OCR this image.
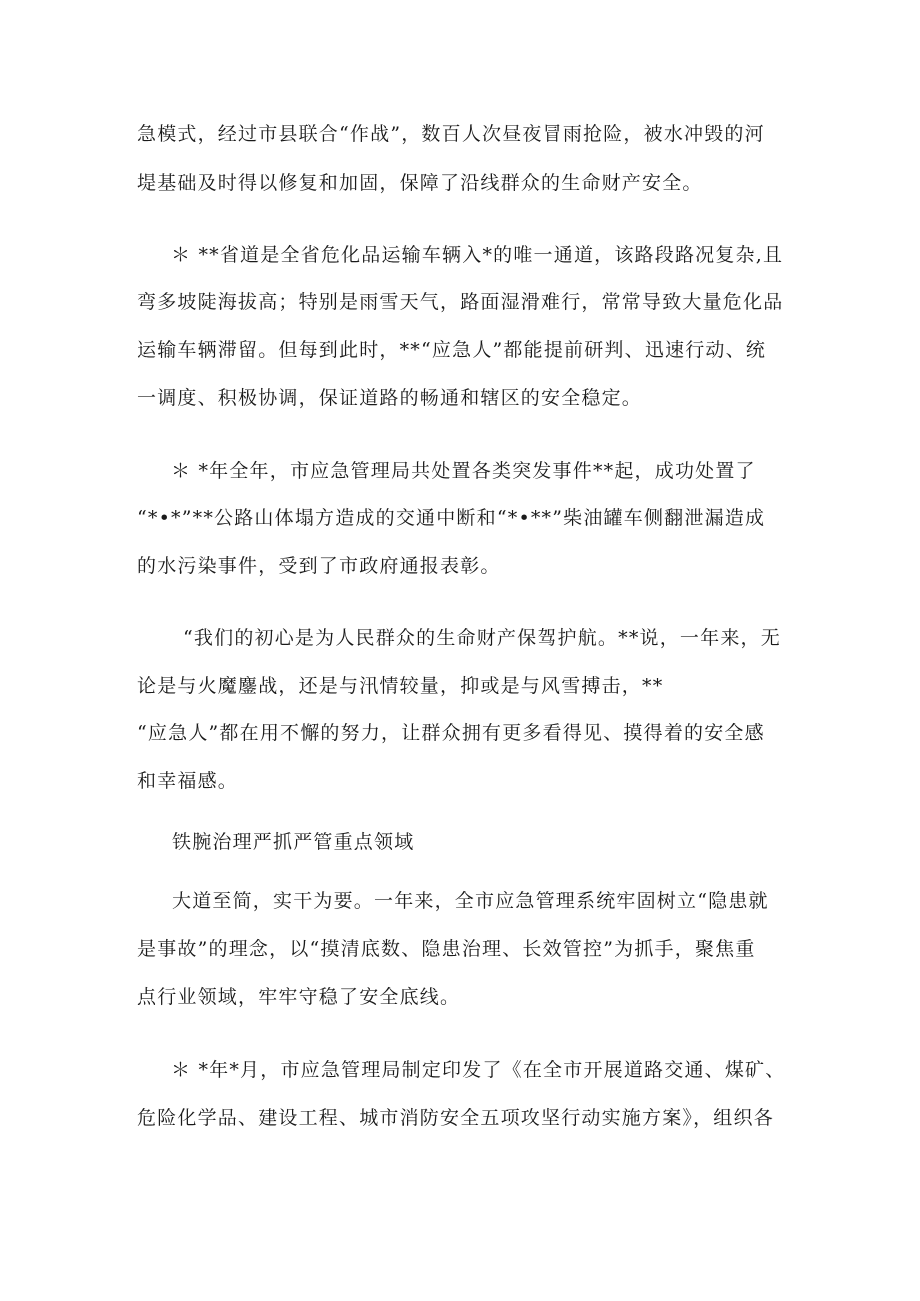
急模式，经过市县联合“作战”，数百人次昼夜冒雨抢险，被水冲毁的河
堤基础及时得以修复和加固，保障了沿线群众的生命财产安全。
＊ **省道是全省危化品运输车辆入*的唯一通道，该路段路况复杂,且
弯多坡陡海拔高；特别是雨雪天气，路面湿滑难行，常常导致大量危化品
运输车辆滞留。但每到此时，**“应急人”都能提前研判、迅速行动、统
一调度、积极协调，保证道路的畅通和辖区的安全稳定。
＊ *年全年，市应急管理局共处置各类突发事件**起，成功处置了
“*•*”**公路山体塌方造成的交通中断和“*•**”柴油罐车侧翻泄漏造成
的水污染事件，受到了市政府通报表彰。
“我们的初心是为人民群众的生命财产保驾护航。**说，一年来，无
论是与火魔鏖战，还是与汛情较量，抑或是与风雪搏击，**
“应急人”都在用不懈的努力，让群众拥有更多看得见、摸得着的安全感
和幸福感。
铁腕治理严抓严管重点领域
大道至简，实干为要。一年来，全市应急管理系统牢固树立“隐患就
是事故”的理念，以“摸清底数、隐患治理、长效管控”为抓手，聚焦重
点行业领域，牢牢守稳了安全底线。
＊ *年*月，市应急管理局制定印发了《在全市开展道路交通、煤矿、
危险化学品、建设工程、城市消防安全五项攻坚行动实施方案》，组织各
